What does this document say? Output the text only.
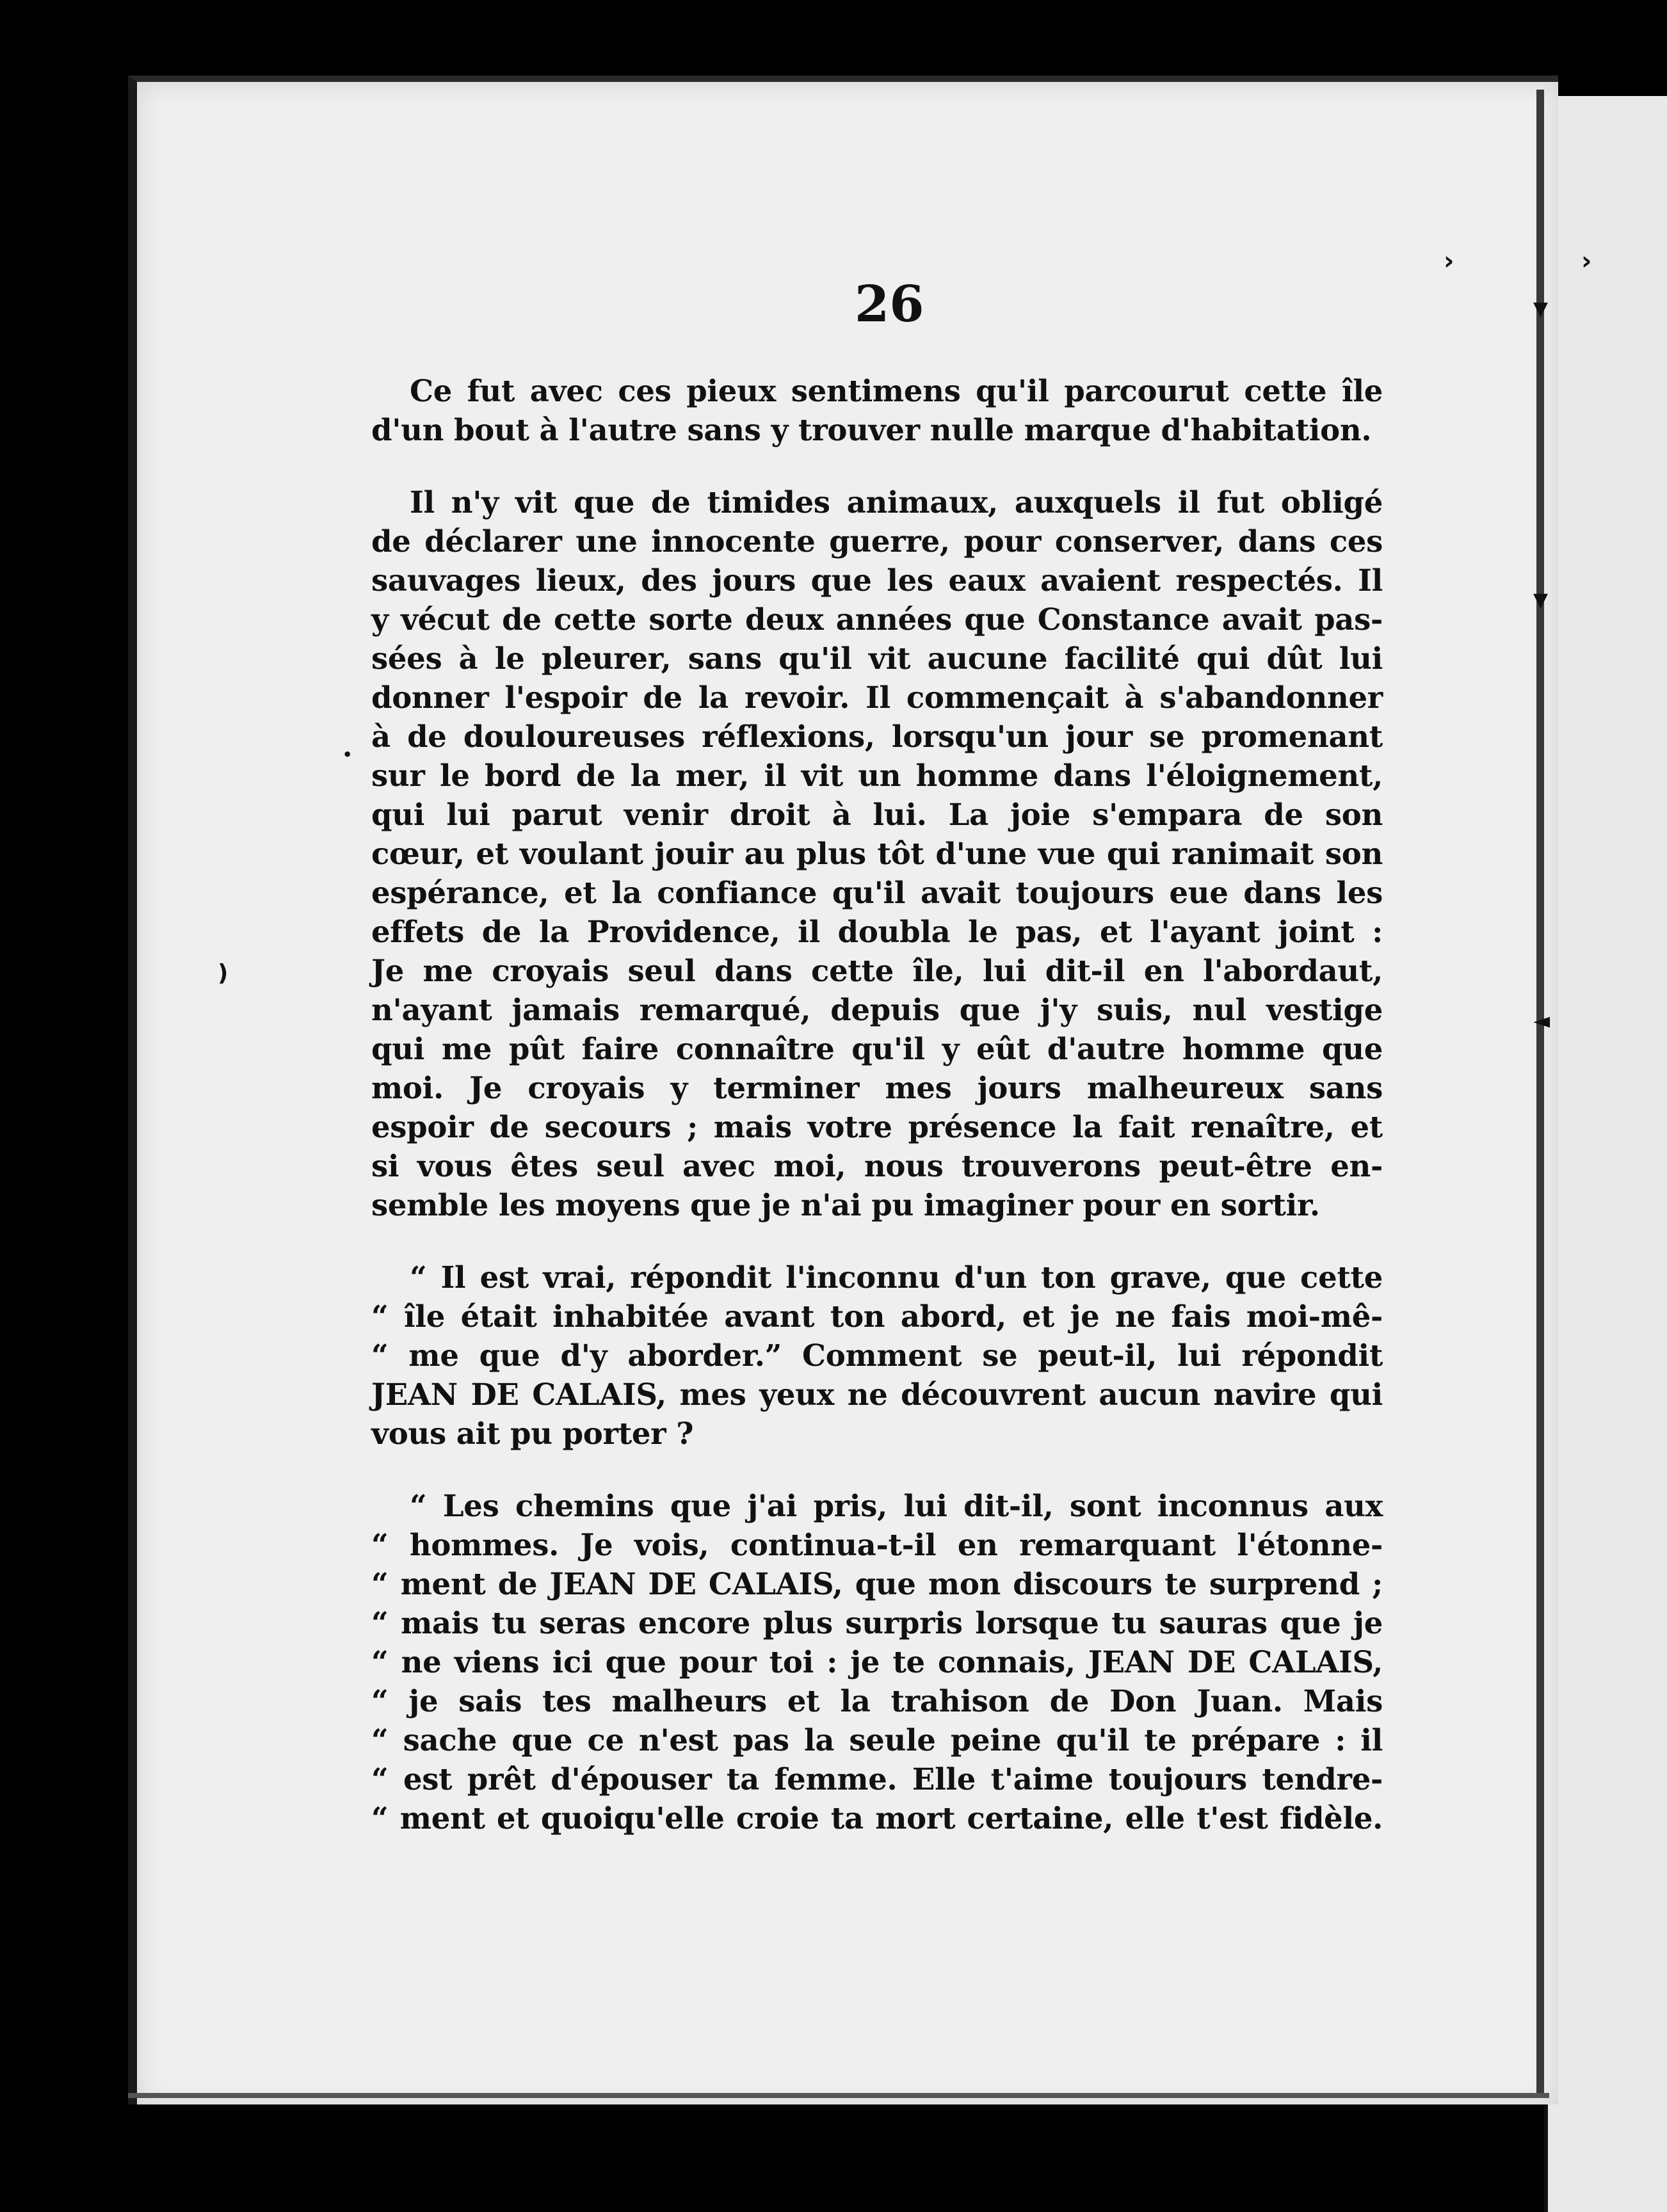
›	›
▼
▼
◄
•
)
26

Ce fut avec ces pieux sentimens qu'il parcourut cette île
d'un bout à l'autre sans y trouver nulle marque d'habitation.

Il n'y vit que de timides animaux, auxquels il fut obligé
de déclarer une innocente guerre, pour conserver, dans ces
sauvages lieux, des jours que les eaux avaient respectés. Il
y vécut de cette sorte deux années que Constance avait pas-
sées à le pleurer, sans qu'il vit aucune facilité qui dût lui
donner l'espoir de la revoir. Il commençait à s'abandonner
à de douloureuses réflexions, lorsqu'un jour se promenant
sur le bord de la mer, il vit un homme dans l'éloignement,
qui lui parut venir droit à lui. La joie s'empara de son
cœur, et voulant jouir au plus tôt d'une vue qui ranimait son
espérance, et la confiance qu'il avait toujours eue dans les
effets de la Providence, il doubla le pas, et l'ayant joint :
Je me croyais seul dans cette île, lui dit-il en l'abordaut,
n'ayant jamais remarqué, depuis que j'y suis, nul vestige
qui me pût faire connaître qu'il y eût d'autre homme que
moi. Je croyais y terminer mes jours malheureux sans
espoir de secours ; mais votre présence la fait renaître, et
si vous êtes seul avec moi, nous trouverons peut-être en-
semble les moyens que je n'ai pu imaginer pour en sortir.

“ Il est vrai, répondit l'inconnu d'un ton grave, que cette
“ île était inhabitée avant ton abord, et je ne fais moi-mê-
“ me que d'y aborder.” Comment se peut-il, lui répondit
JEAN DE CALAIS, mes yeux ne découvrent aucun navire qui
vous ait pu porter ?

“ Les chemins que j'ai pris, lui dit-il, sont inconnus aux
“ hommes. Je vois, continua-t-il en remarquant l'étonne-
“ ment de JEAN DE CALAIS, que mon discours te surprend ;
“ mais tu seras encore plus surpris lorsque tu sauras que je
“ ne viens ici que pour toi : je te connais, JEAN DE CALAIS,
“ je sais tes malheurs et la trahison de Don Juan. Mais
“ sache que ce n'est pas la seule peine qu'il te prépare : il
“ est prêt d'épouser ta femme. Elle t'aime toujours tendre-
“ ment et quoiqu'elle croie ta mort certaine, elle t'est fidèle.
